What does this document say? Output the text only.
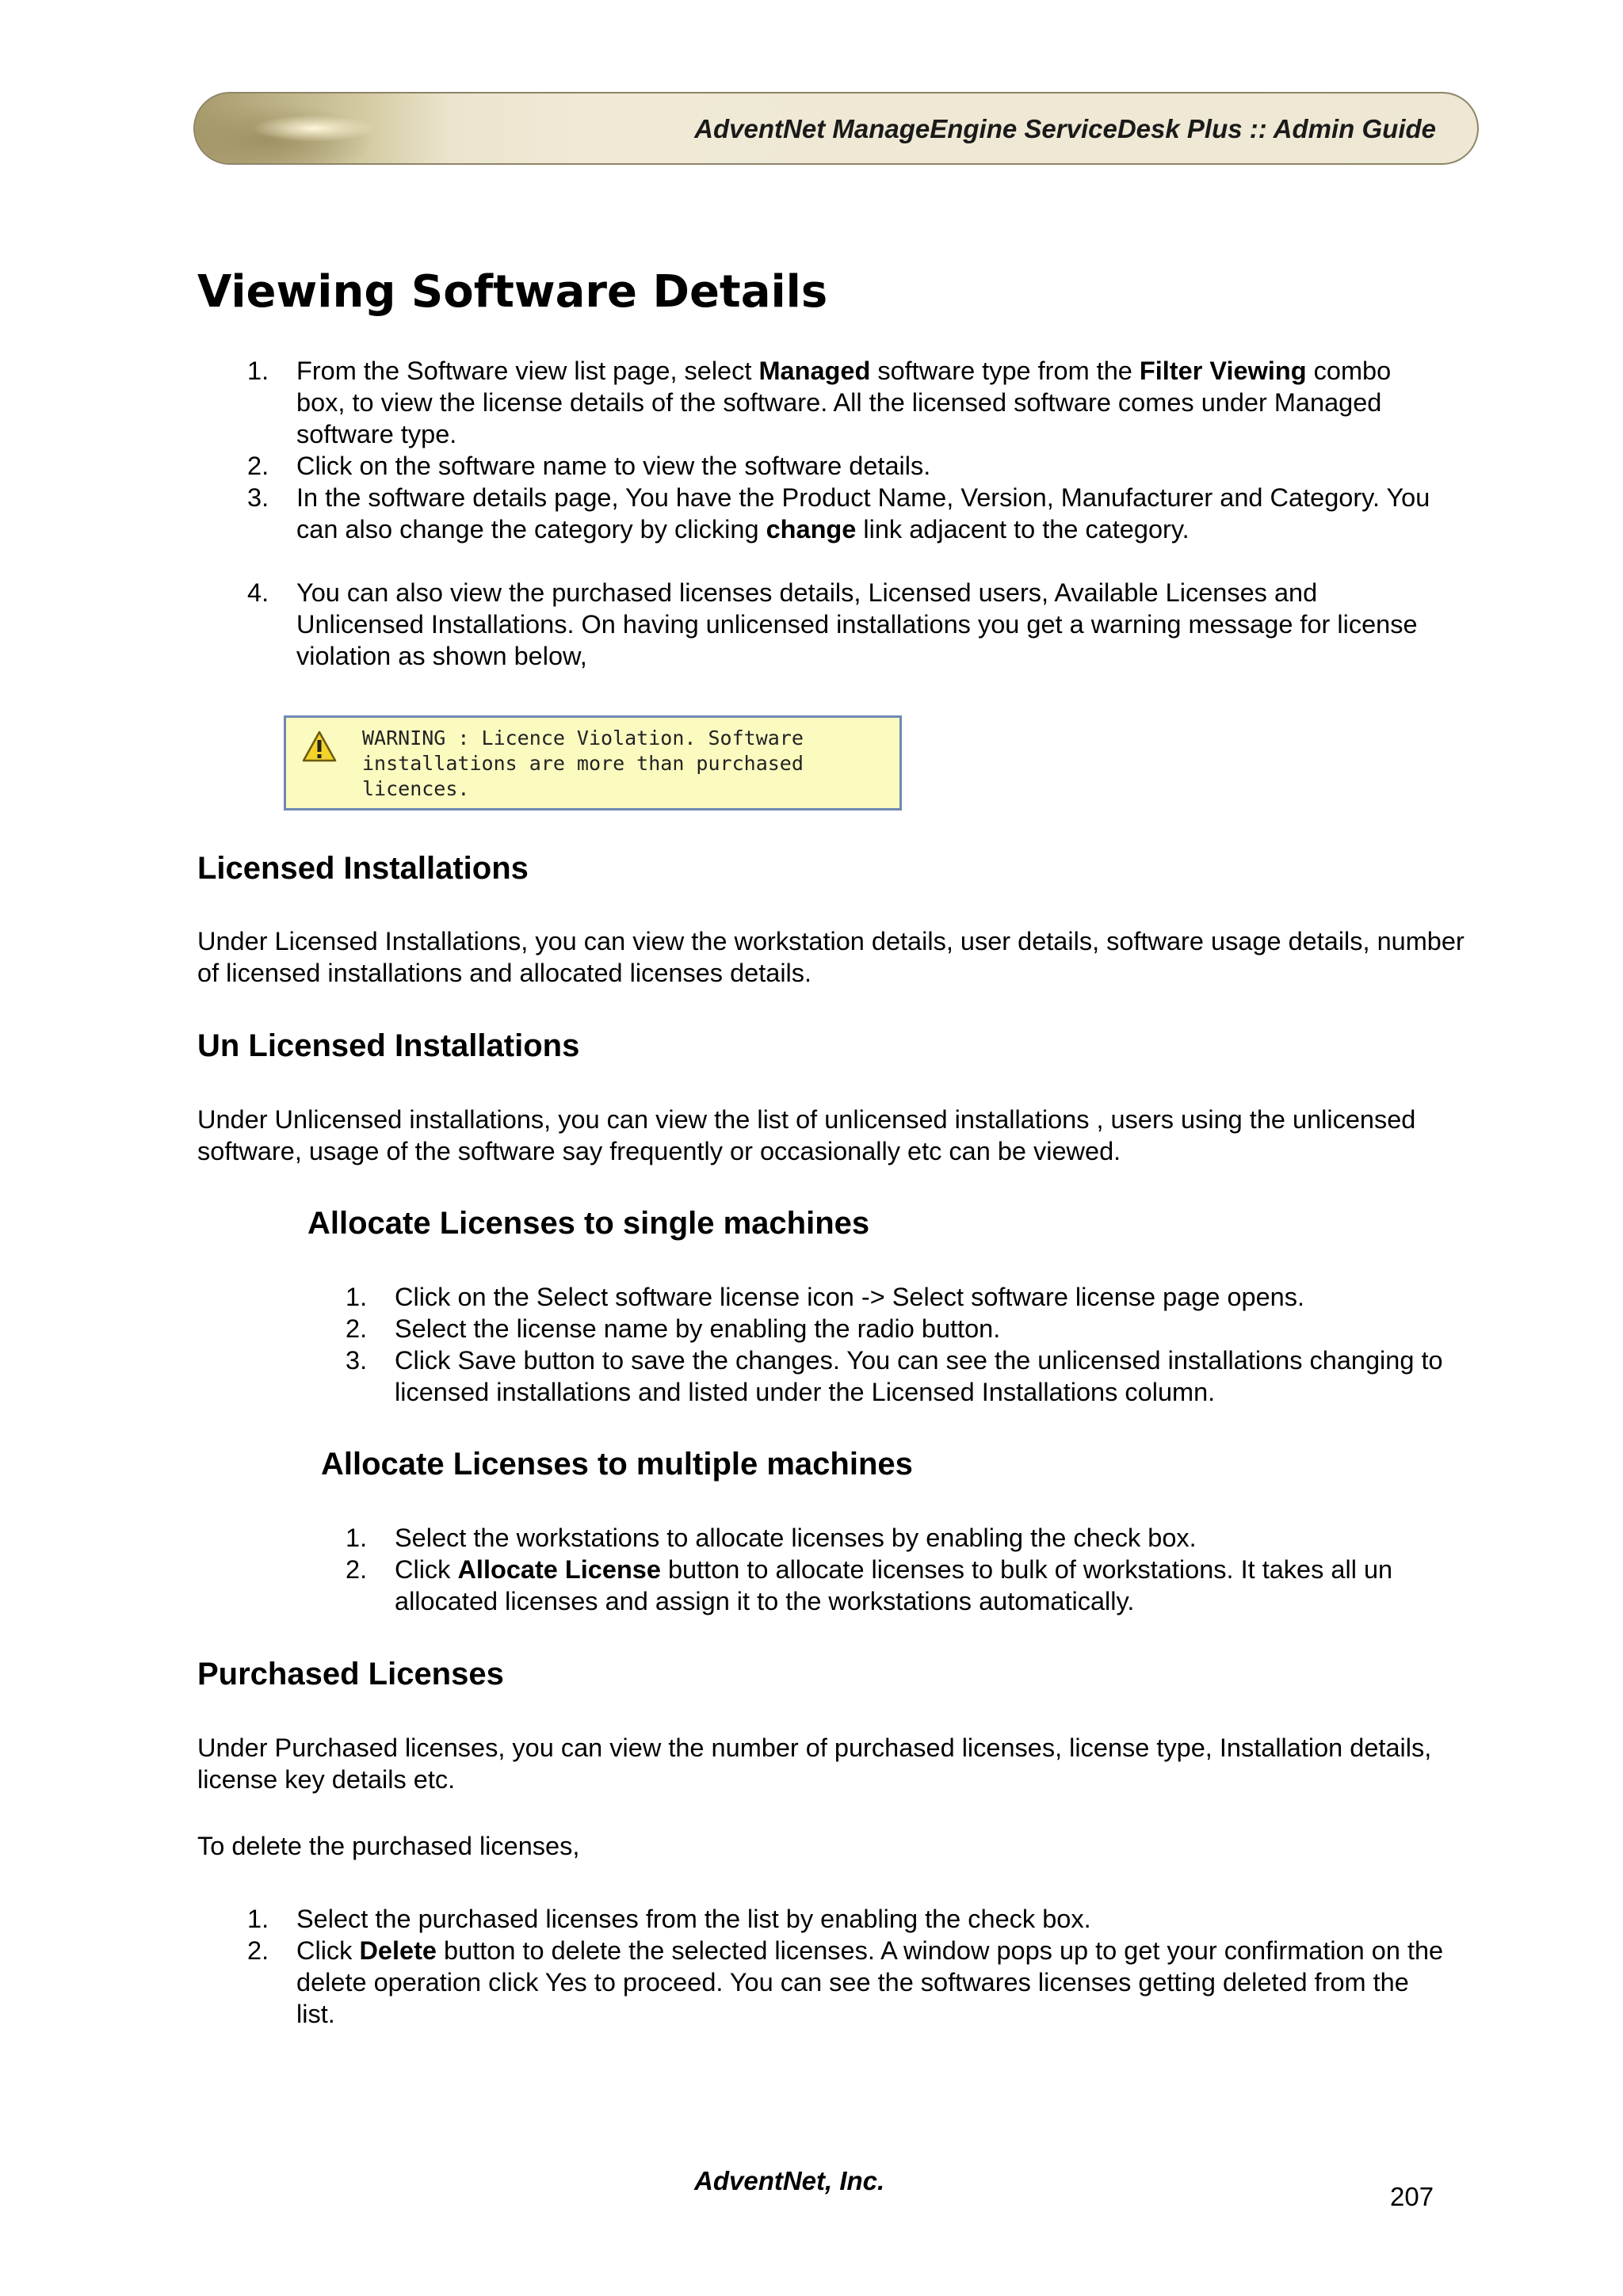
AdventNet ManageEngine ServiceDesk Plus :: Admin Guide
Viewing Software Details
1. From the Software view list page, select Managed software type from the Filter Viewing combo box, to view the license details of the software. All the licensed software comes under Managed software type.
2. Click on the software name to view the software details.
3. In the software details page, You have the Product Name, Version, Manufacturer and Category. You can also change the category by clicking change link adjacent to the category.
4. You can also view the purchased licenses details, Licensed users, Available Licenses and Unlicensed Installations. On having unlicensed installations you get a warning message for license violation as shown below,
WARNING : Licence Violation. Software installations are more than purchased licences.
Licensed Installations

Under Licensed Installations, you can view the workstation details, user details, software usage details, number of licensed installations and allocated licenses details.

Un Licensed Installations

Under Unlicensed installations, you can view the list of unlicensed installations , users using the unlicensed software, usage of the software say frequently or occasionally etc can be viewed.

Allocate Licenses to single machines
1. Click on the Select software license icon -> Select software license page opens.
2. Select the license name by enabling the radio button.
3. Click Save button to save the changes. You can see the unlicensed installations changing to licensed installations and listed under the Licensed Installations column.
Allocate Licenses to multiple machines
1. Select the workstations to allocate licenses by enabling the check box.
2. Click Allocate License button to allocate licenses to bulk of workstations. It takes all un allocated licenses and assign it to the workstations automatically.
Purchased Licenses

Under Purchased licenses, you can view the number of purchased licenses, license type, Installation details, license key details etc.

To delete the purchased licenses,

1. Select the purchased licenses from the list by enabling the check box.
2. Click Delete button to delete the selected licenses. A window pops up to get your confirmation on the delete operation click Yes to proceed. You can see the softwares licenses getting deleted from the list.
AdventNet, Inc.
207
